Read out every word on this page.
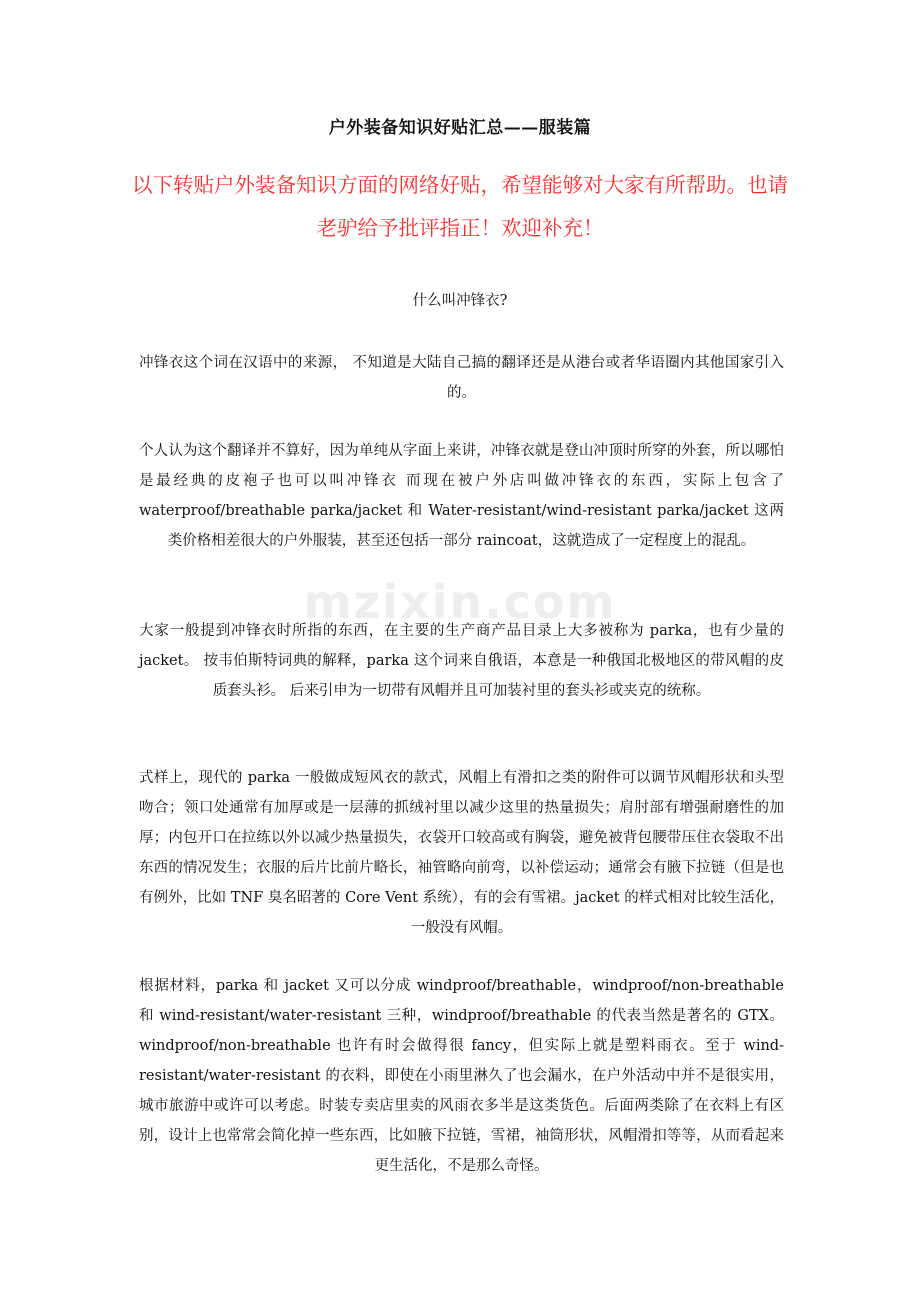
mzixin.com
户外装备知识好贴汇总——服装篇
以下转贴户外装备知识方面的网络好贴，希望能够对大家有所帮助。也请老驴给予批评指正！欢迎补充！
什么叫冲锋衣?
冲锋衣这个词在汉语中的来源， 不知道是大陆自己搞的翻译还是从港台或者华语圈内其他国家引入的。
个人认为这个翻译并不算好，因为单纯从字面上来讲，冲锋衣就是登山冲顶时所穿的外套，所以哪怕是最经典的皮袍子也可以叫冲锋衣 而现在被户外店叫做冲锋衣的东西，实际上包含了 waterproof/breathable parka/jacket 和 Water-resistant/wind-resistant parka/jacket 这两类价格相差很大的户外服装，甚至还包括一部分 raincoat，这就造成了一定程度上的混乱。
大家一般提到冲锋衣时所指的东西，在主要的生产商产品目录上大多被称为 parka，也有少量的 jacket。 按韦伯斯特词典的解释，parka 这个词来自俄语，本意是一种俄国北极地区的带风帽的皮质套头衫。 后来引申为一切带有风帽并且可加装衬里的套头衫或夹克的统称。
式样上，现代的 parka 一般做成短风衣的款式，风帽上有滑扣之类的附件可以调节风帽形状和头型吻合；领口处通常有加厚或是一层薄的抓绒衬里以减少这里的热量损失；肩肘部有增强耐磨性的加厚；内包开口在拉练以外以减少热量损失，衣袋开口较高或有胸袋，避免被背包腰带压住衣袋取不出东西的情况发生；衣服的后片比前片略长，袖管略向前弯，以补偿运动；通常会有腋下拉链（但是也有例外，比如 TNF 臭名昭著的 Core Vent 系统），有的会有雪裙。jacket 的样式相对比较生活化，一般没有风帽。
根据材料，parka 和 jacket 又可以分成 windproof/breathable，windproof/non-breathable 和 wind-resistant/water-resistant 三种，windproof/breathable 的代表当然是著名的 GTX。windproof/non-breathable 也许有时会做得很 fancy，但实际上就是塑料雨衣。至于 wind-resistant/water-resistant 的衣料，即使在小雨里淋久了也会漏水，在户外活动中并不是很实用，城市旅游中或许可以考虑。时装专卖店里卖的风雨衣多半是这类货色。后面两类除了在衣料上有区别，设计上也常常会简化掉一些东西，比如腋下拉链，雪裙，袖筒形状，风帽滑扣等等，从而看起来更生活化，不是那么奇怪。
